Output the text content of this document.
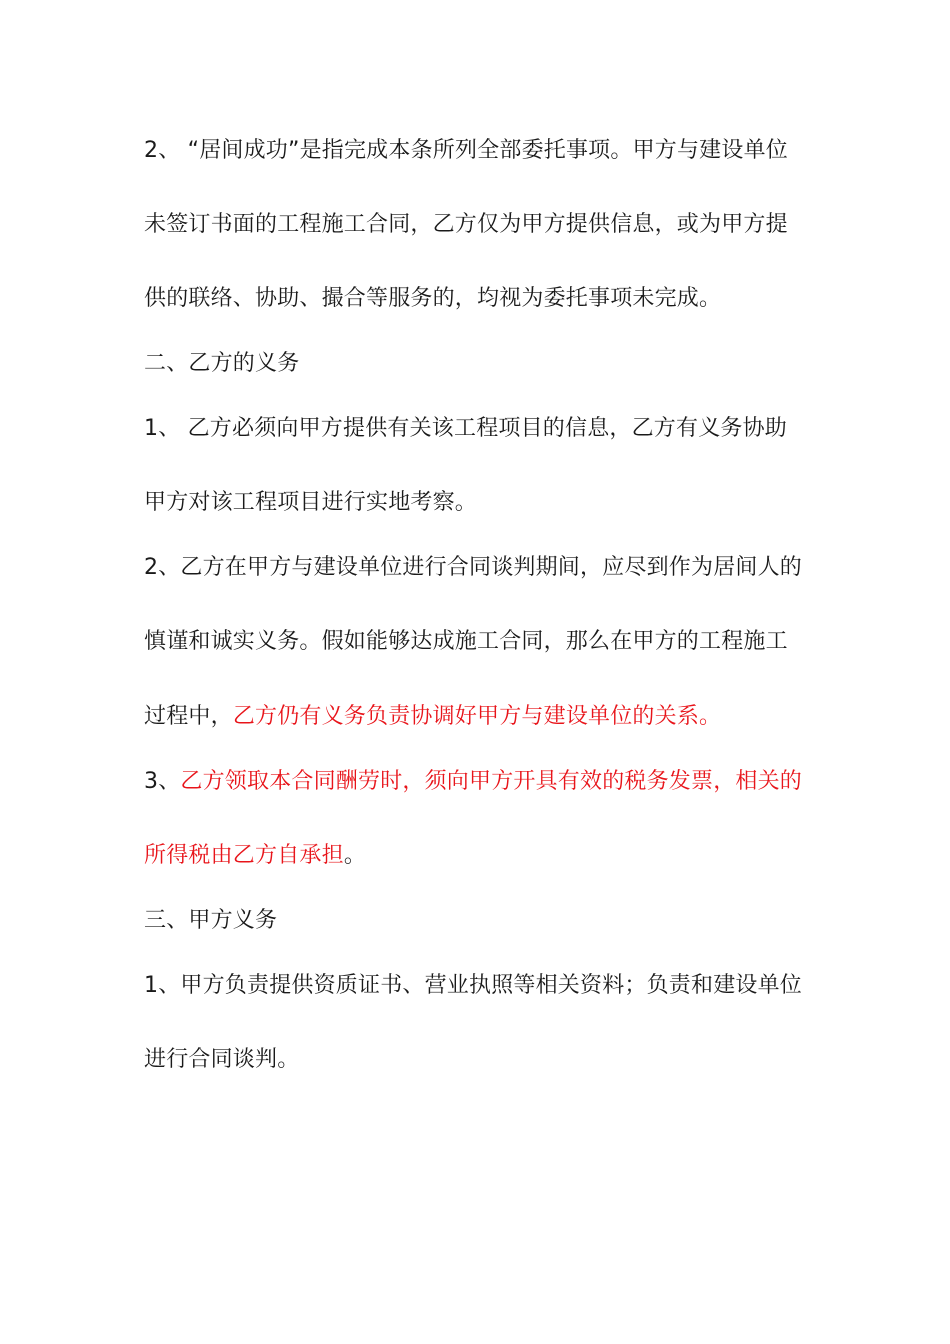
2、 “居间成功”是指完成本条所列全部委托事项。甲方与建设单位
未签订书面的工程施工合同，乙方仅为甲方提供信息，或为甲方提
供的联络、协助、撮合等服务的，均视为委托事项未完成。
二、乙方的义务
1、 乙方必须向甲方提供有关该工程项目的信息，乙方有义务协助
甲方对该工程项目进行实地考察。
2、乙方在甲方与建设单位进行合同谈判期间，应尽到作为居间人的
慎谨和诚实义务。假如能够达成施工合同，那么在甲方的工程施工
过程中，乙方仍有义务负责协调好甲方与建设单位的关系。
3、乙方领取本合同酬劳时，须向甲方开具有效的税务发票，相关的
所得税由乙方自承担。
三、甲方义务
1、甲方负责提供资质证书、营业执照等相关资料；负责和建设单位
进行合同谈判。
